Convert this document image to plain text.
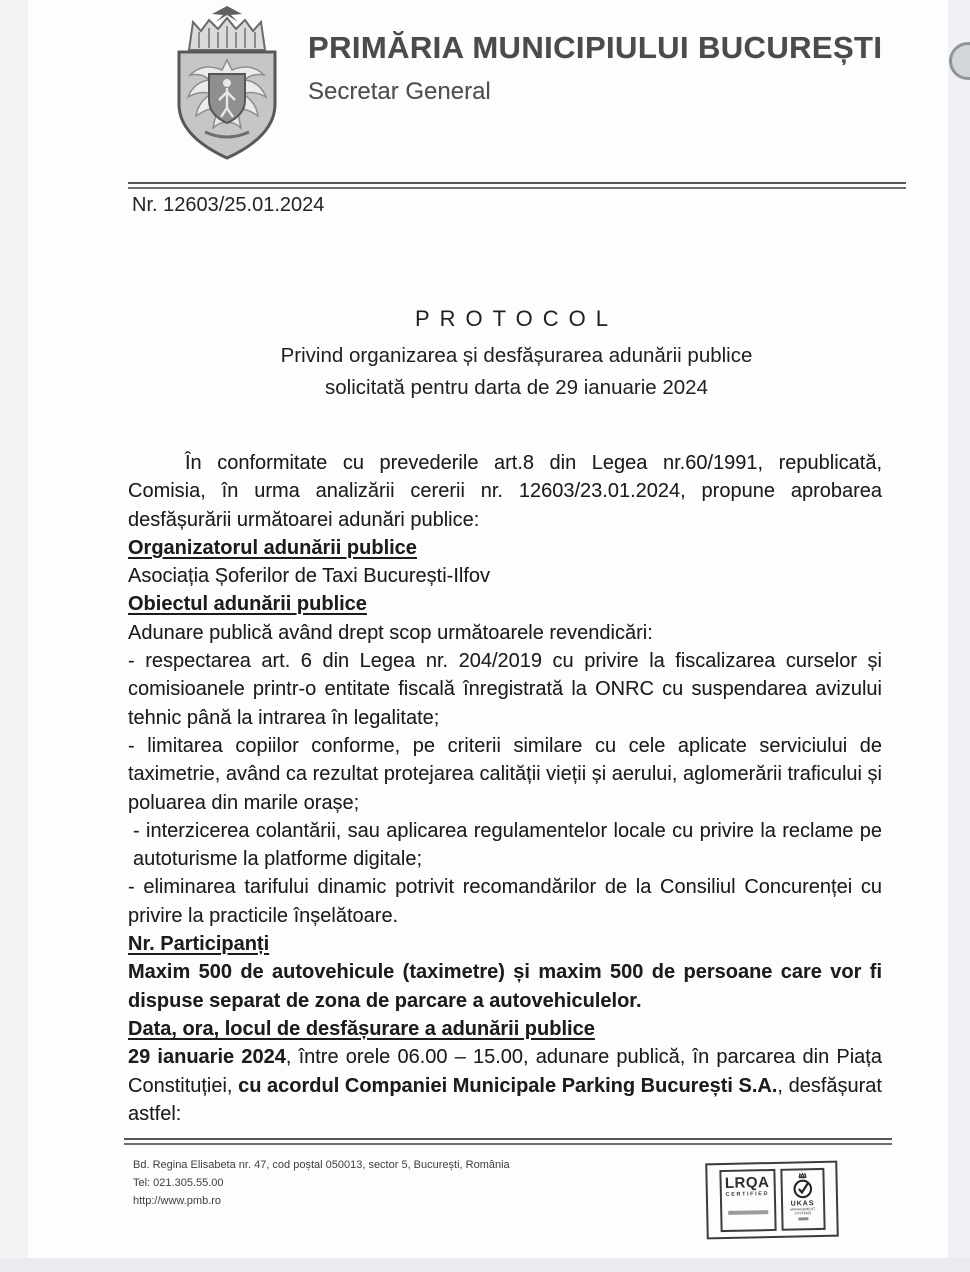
PRIMĂRIA MUNICIPIULUI BUCUREȘTI
Secretar General
Nr. 12603/25.01.2024

PROTOCOL

Privind organizarea și desfășurarea adunării publice

solicitată pentru darta de 29 ianuarie 2024

În conformitate cu prevederile art.8 din Legea nr.60/1991, republicată, Comisia, în urma analizării cererii nr. 12603/23.01.2024, propune aprobarea desfășurării următoarei adunări publice:

Organizatorul adunării publice

Asociația Șoferilor de Taxi București-Ilfov

Obiectul adunării publice

Adunare publică având drept scop următoarele revendicări:

- respectarea art. 6 din Legea nr. 204/2019 cu privire la fiscalizarea curselor și comisioanele printr-o entitate fiscală înregistrată la ONRC cu suspendarea avizului tehnic până la intrarea în legalitate;

- limitarea copiilor conforme, pe criterii similare cu cele aplicate serviciului de taximetrie, având ca rezultat protejarea calității vieții și aerului, aglomerării traficului și poluarea din marile orașe;

- interzicerea colantării, sau aplicarea regulamentelor locale cu privire la reclame pe autoturisme la platforme digitale;

- eliminarea tarifului dinamic potrivit recomandărilor de la Consiliul Concurenței cu privire la practicile înșelătoare.

Nr. Participanți

Maxim 500 de autovehicule (taximetre) și maxim 500 de persoane care vor fi dispuse separat de zona de parcare a autovehiculelor.

Data, ora, locul de desfășurare a adunării publice

29 ianuarie 2024, între orele 06.00 – 15.00, adunare publică, în parcarea din Piața Constituției, cu acordul Companiei Municipale Parking București S.A., desfășurat astfel:

Bd. Regina Elisabeta nr. 47, cod poștal 050013, sector 5, București, România
Tel: 021.305.55.00
http://www.pmb.ro
LRQA
CERTIFIED
UKAS
MANAGEMENT SYSTEMS
